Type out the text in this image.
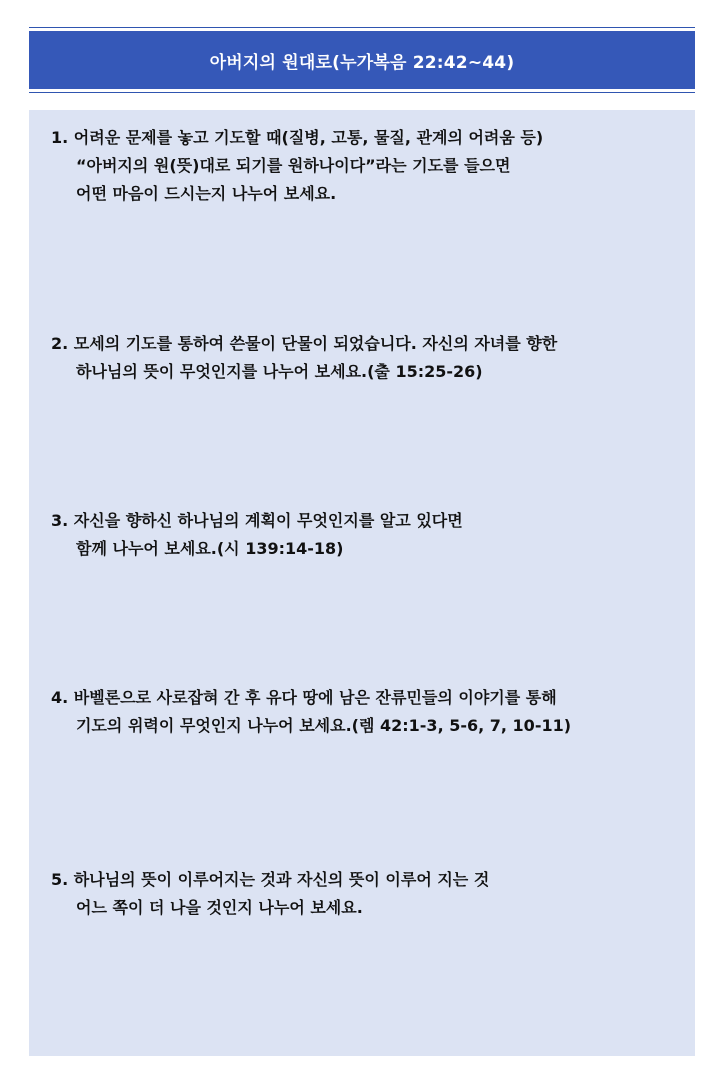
아버지의 원대로(누가복음 22:42~44)
1. 어려운 문제를 놓고 기도할 때(질병, 고통, 물질, 관계의 어려움 등)
“아버지의 원(뜻)대로 되기를 원하나이다”라는 기도를 들으면
어떤 마음이 드시는지 나누어 보세요.
2. 모세의 기도를 통하여 쓴물이 단물이 되었습니다. 자신의 자녀를 향한
하나님의 뜻이 무엇인지를 나누어 보세요.(출 15:25-26)
3. 자신을 향하신 하나님의 계획이 무엇인지를 알고 있다면
함께 나누어 보세요.(시 139:14-18)
4. 바벨론으로 사로잡혀 간 후 유다 땅에 남은 잔류민들의 이야기를 통해
기도의 위력이 무엇인지 나누어 보세요.(렘 42:1-3, 5-6, 7, 10-11)
5. 하나님의 뜻이 이루어지는 것과 자신의 뜻이 이루어 지는 것
어느 쪽이 더 나을 것인지 나누어 보세요.
